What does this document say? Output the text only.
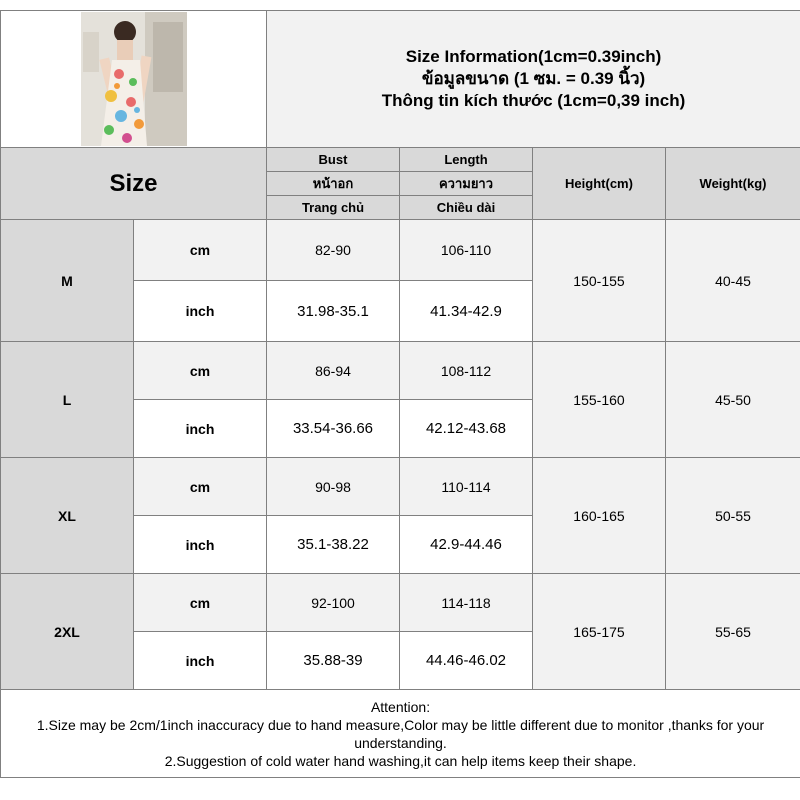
Size Information(1cm=0.39inch)
ข้อมูลขนาด (1 ซม. = 0.39 นิ้ว)
Thông tin kích thước (1cm=0,39 inch)			

Size		Bust	Length	Height(cm)	Weight(kg)
		หน้าอก	ความยาว		
		Trang chủ	Chiều dài		
M	cm	82-90	106-110	150-155	40-45
	inch	31.98-35.1	41.34-42.9		
L	cm	86-94	108-112	155-160	45-50
	inch	33.54-36.66	42.12-43.68		
XL	cm	90-98	110-114	160-165	50-55
	inch	35.1-38.22	42.9-44.46		
2XL	cm	92-100	114-118	165-175	55-65
	inch	35.88-39	44.46-46.02		

Attention:
1.Size may be 2cm/1inch inaccuracy due to hand measure,Color may be little different due to monitor ,thanks for your understanding.
2.Suggestion of cold water hand washing,it can help items keep their shape.					
